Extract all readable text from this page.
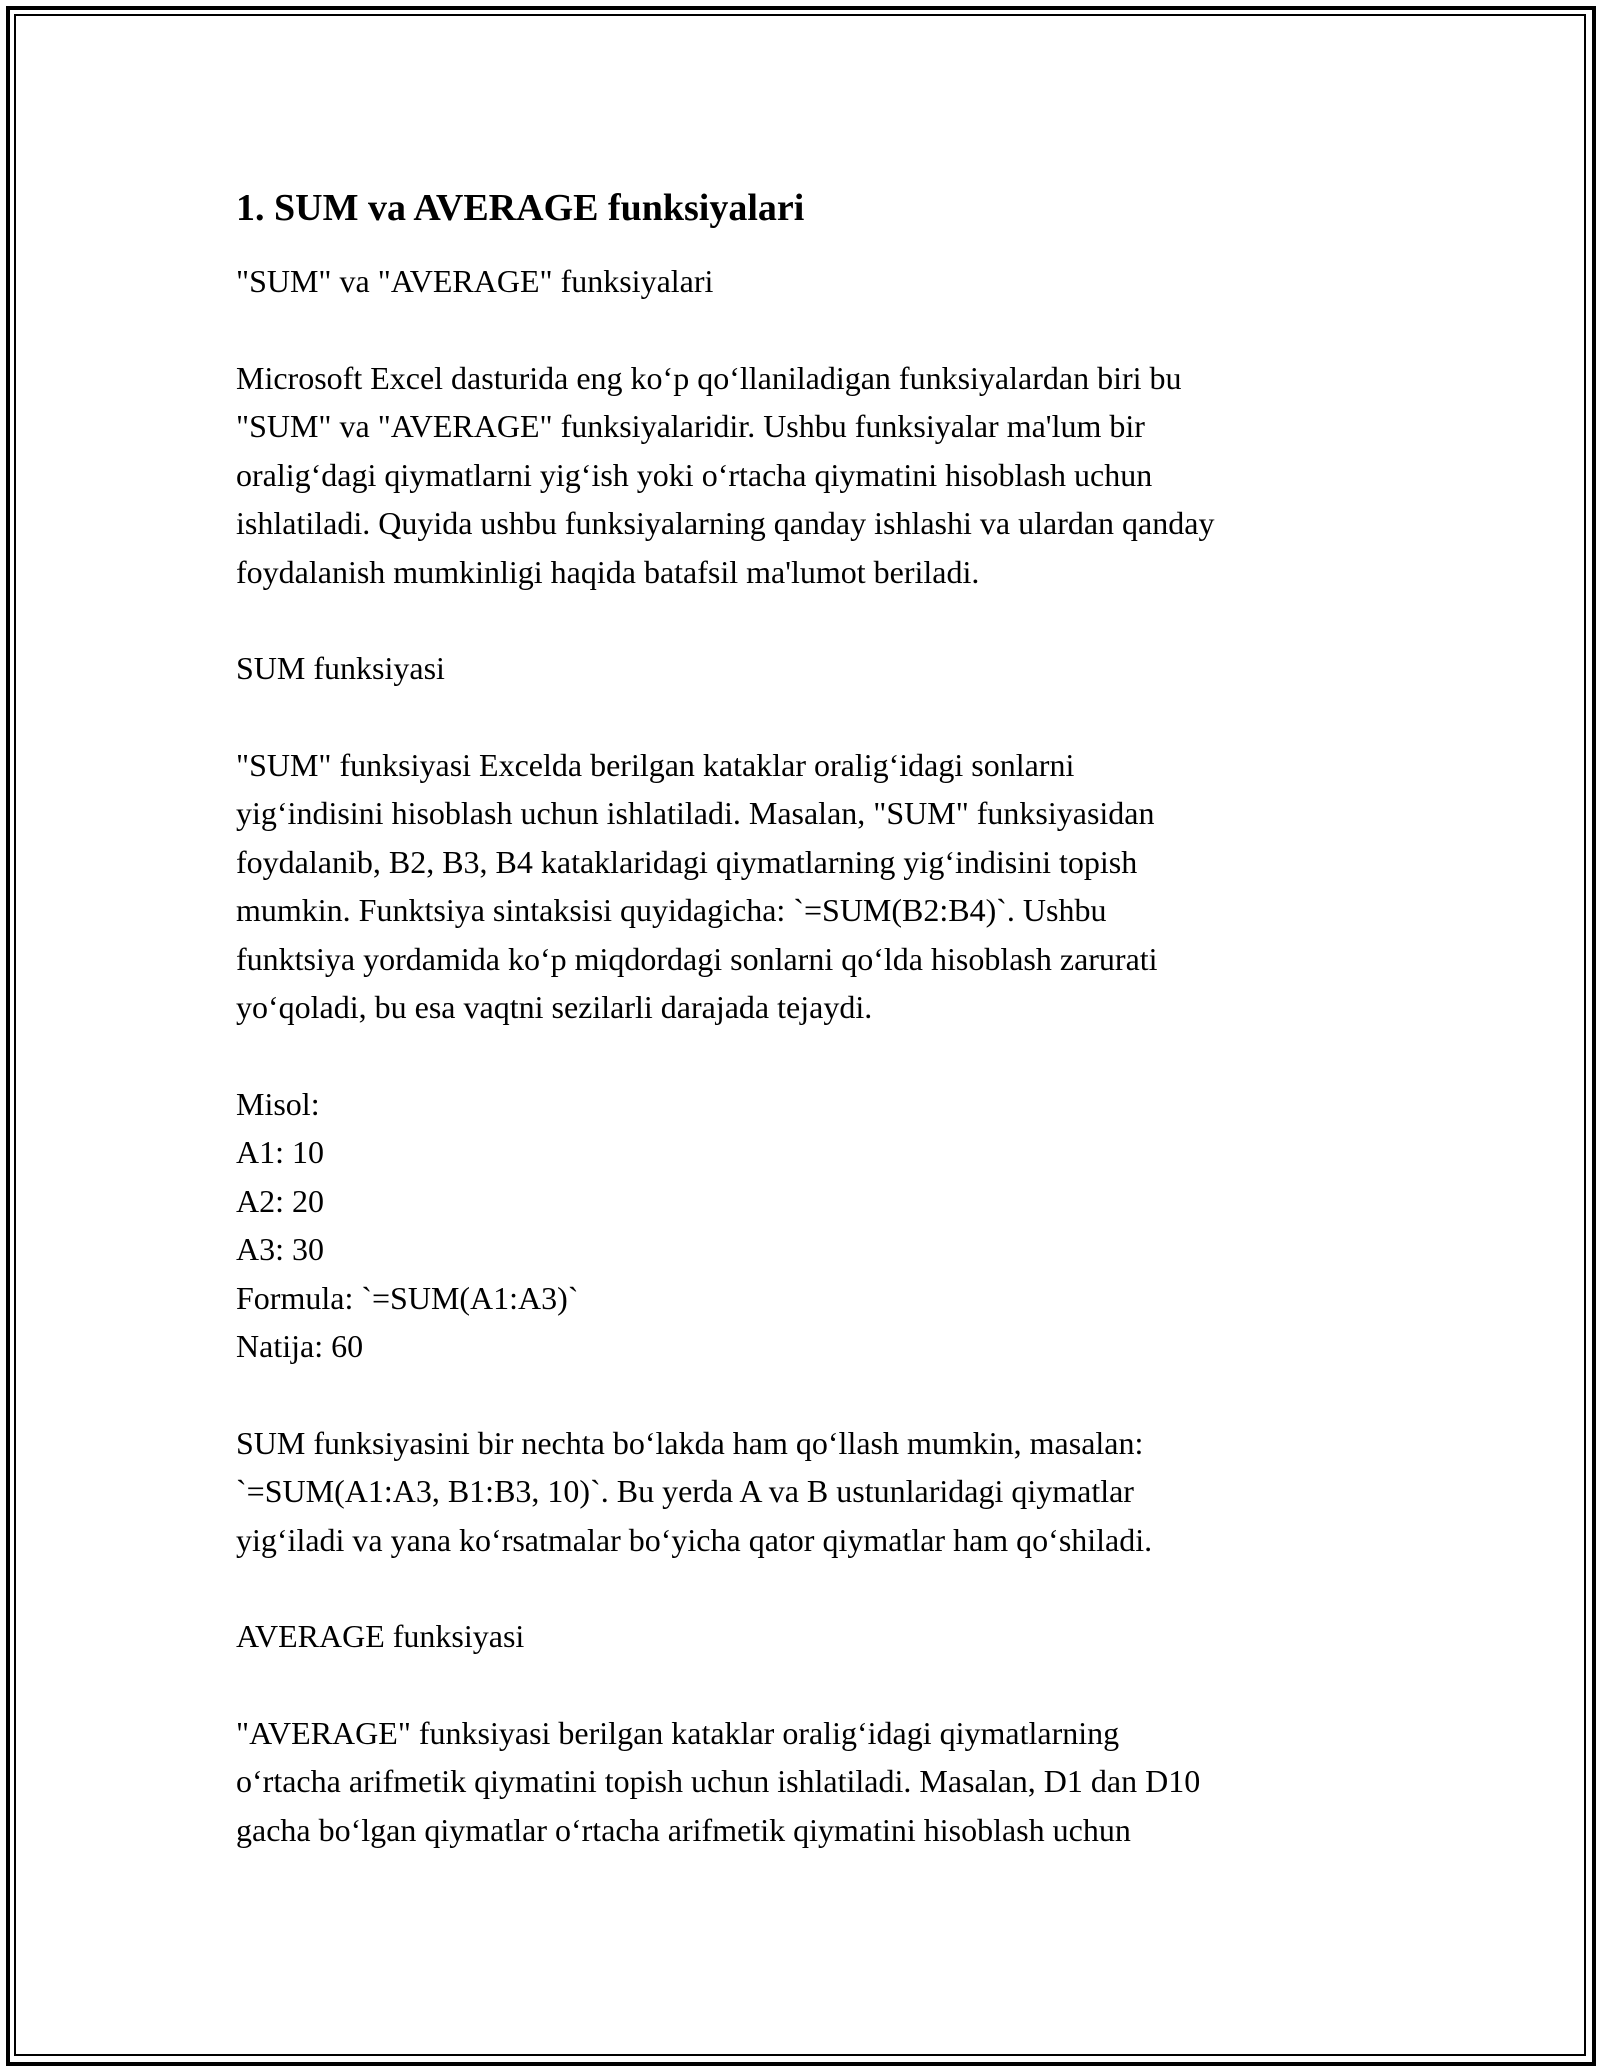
1. SUM va AVERAGE funksiyalari

"SUM" va "AVERAGE" funksiyalari

Microsoft Excel dasturida eng ko‘p qo‘llaniladigan funksiyalardan biri bu
"SUM" va "AVERAGE" funksiyalaridir. Ushbu funksiyalar ma'lum bir
oralig‘dagi qiymatlarni yig‘ish yoki o‘rtacha qiymatini hisoblash uchun
ishlatiladi. Quyida ushbu funksiyalarning qanday ishlashi va ulardan qanday
foydalanish mumkinligi haqida batafsil ma'lumot beriladi.

SUM funksiyasi

"SUM" funksiyasi Excelda berilgan kataklar oralig‘idagi sonlarni
yig‘indisini hisoblash uchun ishlatiladi. Masalan, "SUM" funksiyasidan
foydalanib, B2, B3, B4 kataklaridagi qiymatlarning yig‘indisini topish
mumkin. Funktsiya sintaksisi quyidagicha: `=SUM(B2:B4)`. Ushbu
funktsiya yordamida ko‘p miqdordagi sonlarni qo‘lda hisoblash zarurati
yo‘qoladi, bu esa vaqtni sezilarli darajada tejaydi.

Misol:
A1: 10
A2: 20
A3: 30
Formula: `=SUM(A1:A3)`
Natija: 60

SUM funksiyasini bir nechta bo‘lakda ham qo‘llash mumkin, masalan:
`=SUM(A1:A3, B1:B3, 10)`. Bu yerda A va B ustunlaridagi qiymatlar
yig‘iladi va yana ko‘rsatmalar bo‘yicha qator qiymatlar ham qo‘shiladi.

AVERAGE funksiyasi

"AVERAGE" funksiyasi berilgan kataklar oralig‘idagi qiymatlarning
o‘rtacha arifmetik qiymatini topish uchun ishlatiladi. Masalan, D1 dan D10
gacha bo‘lgan qiymatlar o‘rtacha arifmetik qiymatini hisoblash uchun
